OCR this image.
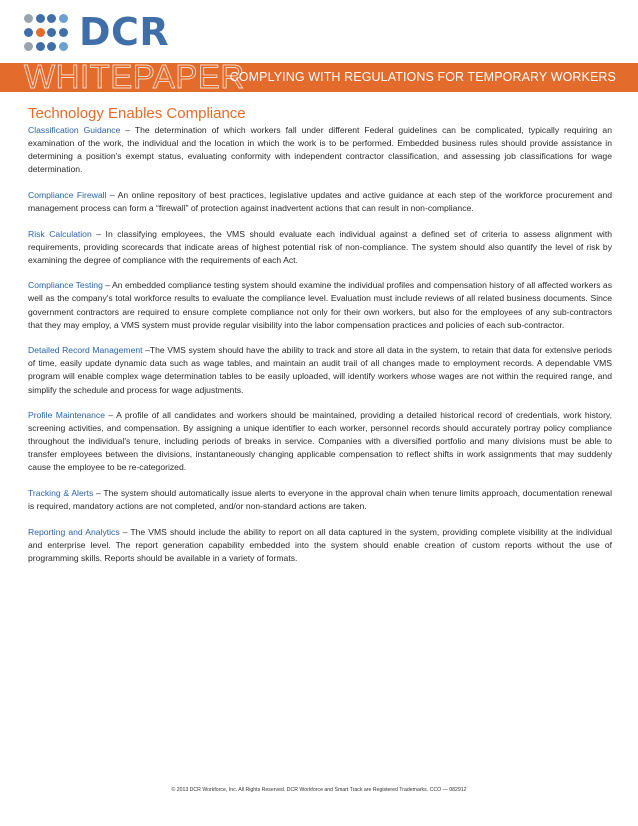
DCR
WHITEPAPER
COMPLYING WITH REGULATIONS FOR TEMPORARY WORKERS
Technology Enables Compliance

Classification Guidance – The determination of which workers fall under different Federal guidelines can be complicated, typically requiring an examination of the work, the individual and the location in which the work is to be performed. Embedded business rules should provide assistance in determining a position's exempt status, evaluating conformity with independent contractor classification, and assessing job classifications for wage determination.

Compliance Firewall – An online repository of best practices, legislative updates and active guidance at each step of the workforce procurement and management process can form a “firewall” of protection against inadvertent actions that can result in non-compliance.

Risk Calculation – In classifying employees, the VMS should evaluate each individual against a defined set of criteria to assess alignment with requirements, providing scorecards that indicate areas of highest potential risk of non-compliance. The system should also quantify the level of risk by examining the degree of compliance with the requirements of each Act.

Compliance Testing – An embedded compliance testing system should examine the individual profiles and compensation history of all affected workers as well as the company's total workforce results to evaluate the compliance level. Evaluation must include reviews of all related business documents. Since government contractors are required to ensure complete compliance not only for their own workers, but also for the employees of any sub-contractors that they may employ, a VMS system must provide regular visibility into the labor compensation practices and policies of each sub-contractor.

Detailed Record Management –The VMS system should have the ability to track and store all data in the system, to retain that data for extensive periods of time, easily update dynamic data such as wage tables, and maintain an audit trail of all changes made to employment records. A dependable VMS program will enable complex wage determination tables to be easily uploaded, will identify workers whose wages are not within the required range, and simplify the schedule and process for wage adjustments.

Profile Maintenance – A profile of all candidates and workers should be maintained, providing a detailed historical record of credentials, work history, screening activities, and compensation. By assigning a unique identifier to each worker, personnel records should accurately portray policy compliance throughout the individual's tenure, including periods of breaks in service. Companies with a diversified portfolio and many divisions must be able to transfer employees between the divisions, instantaneously changing applicable compensation to reflect shifts in work assignments that may suddenly cause the employee to be re-categorized.

Tracking & Alerts – The system should automatically issue alerts to everyone in the approval chain when tenure limits approach, documentation renewal is required, mandatory actions are not completed, and/or non-standard actions are taken.

Reporting and Analytics – The VMS should include the ability to report on all data captured in the system, providing complete visibility at the individual and enterprise level. The report generation capability embedded into the system should enable creation of custom reports without the use of programming skills. Reports should be available in a variety of formats.

© 2013 DCR Workforce, Inc. All Rights Reserved. DCR Workforce and Smart Track are Registered Trademarks. CCO — 082912
